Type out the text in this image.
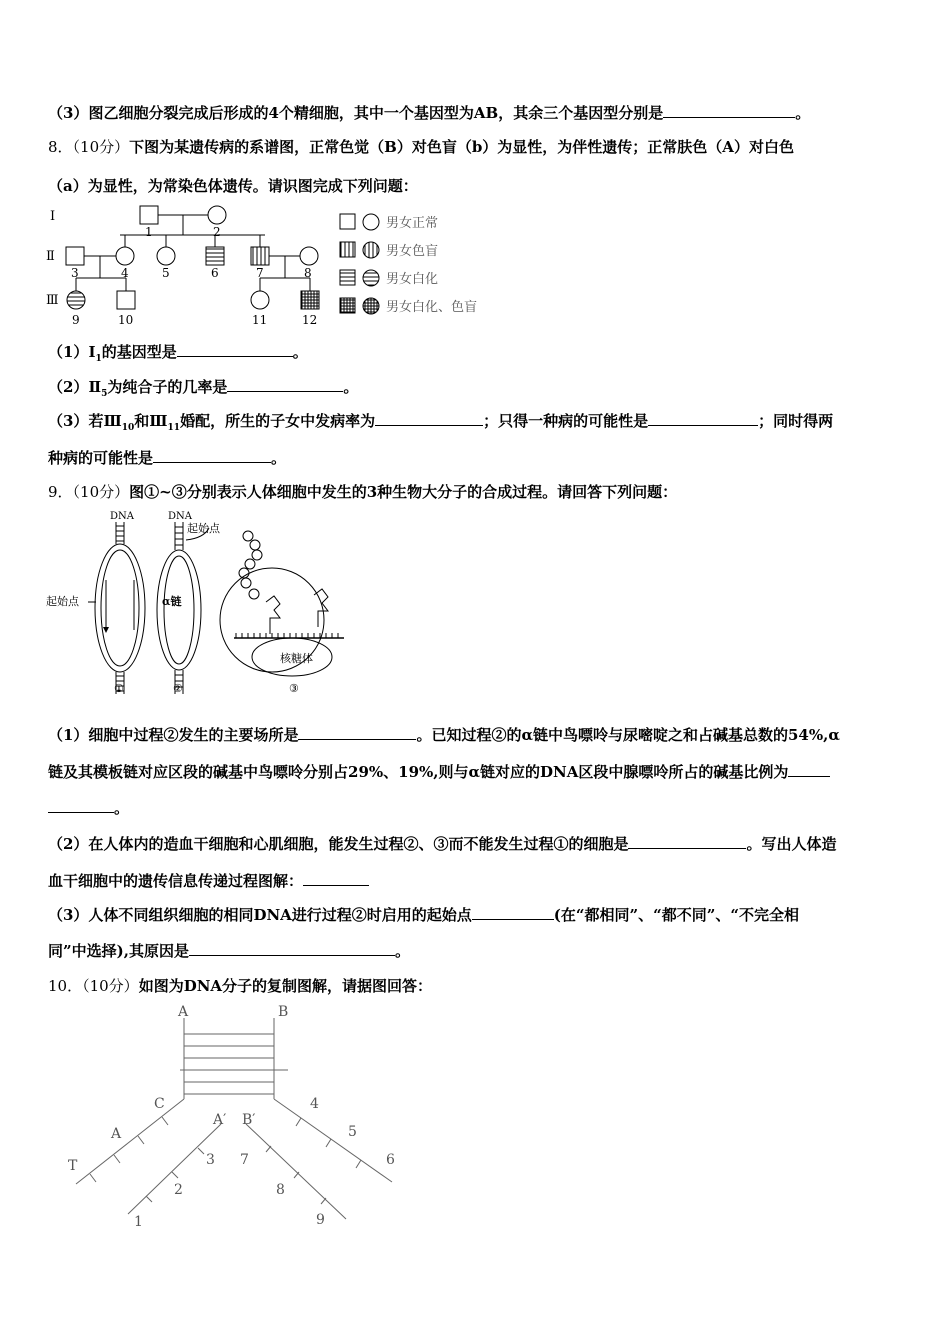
（3）图乙细胞分裂完成后形成的4个精细胞，其中一个基因型为AB，其余三个基因型分别是	。
8．（10分）下图为某遗传病的系谱图，正常色觉（B）对色盲（b）为显性，为伴性遗传；正常肤色（A）对白色
（a）为显性，为常染色体遗传。请识图完成下列问题：
Ⅰ
Ⅱ
Ⅲ
1	2
3	4	5	6	7	8
9	10	11	12
男女正常
男女色盲
男女白化
男女白化、色盲
$(1)Ⅰ_1$的基因型是	。
$(2)Ⅱ_5$为纯合子的几率是	。
（3）若$Ⅲ_{10}$和$Ⅲ_{11}$婚配，所生的子女中发病率为	；只得一种病的可能性是	；同时得两
种病的可能性是	。
9．（10分）图①~③分别表示人体细胞中发生的3种生物大分子的合成过程。请回答下列问题：
DNA	DNA
起始点
起始点
α链
核糖体
①	②	③
（1）细胞中过程②发生的主要场所是	。已知过程②的α链中鸟嘌呤与尿嘧啶之和占碱基总数的54%,α
链及其模板链对应区段的碱基中鸟嘌呤分别占29%、19%,则与α链对应的DNA区段中腺嘌呤所占的碱基比例为
。
（2）在人体内的造血干细胞和心肌细胞，能发生过程②、③而不能发生过程①的细胞是	。写出人体造
血干细胞中的遗传信息传递过程图解：
（3）人体不同组织细胞的相同DNA进行过程②时启用的起始点	(在“都相同”、“都不同”、“不完全相
同”中选择),其原因是	。
10．（10分）如图为DNA分子的复制图解，请据图回答：
A	B
A′ B′
C
A
T
1
2
3
4
5
6
7
8
9
